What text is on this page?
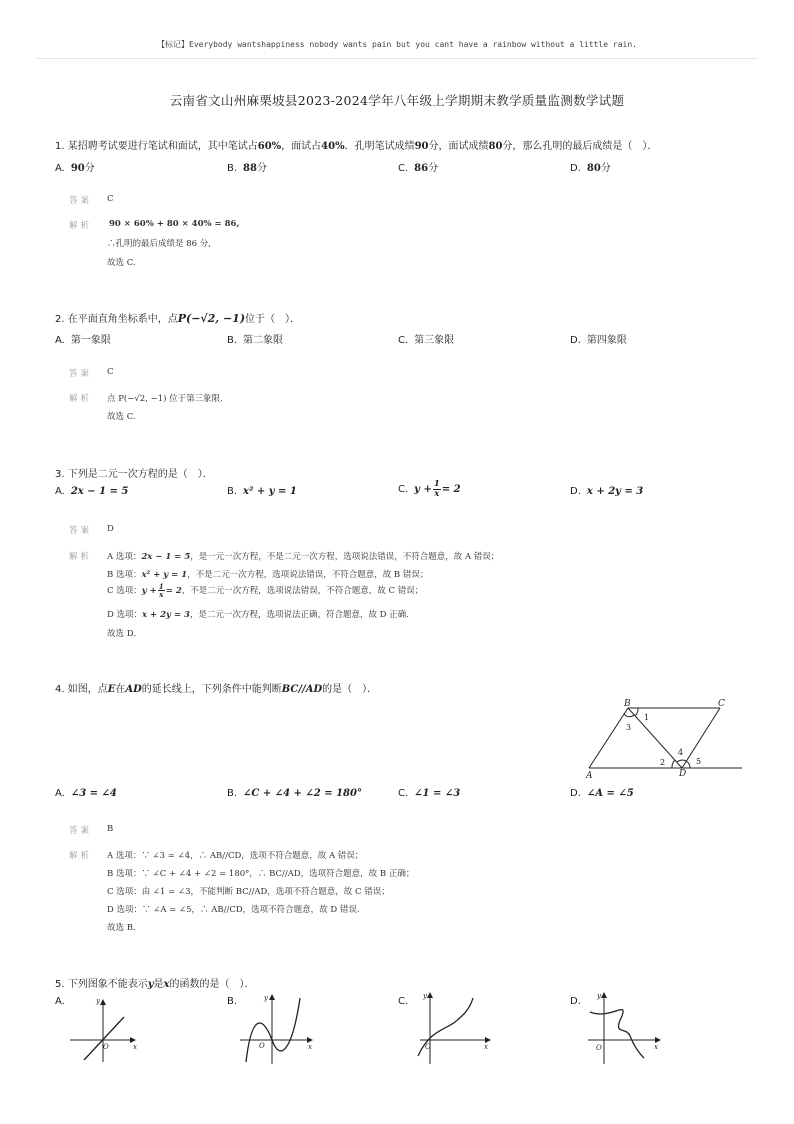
【标记】Everybody wantshappiness nobody wants pain but you cant have a rainbow without a little rain.
云南省文山州麻栗坡县2023-2024学年八年级上学期期末教学质量监测数学试题
1. 某招聘考试要进行笔试和面试，其中笔试占60%，面试占40%．孔明笔试成绩90分，面试成绩80分，那么孔明的最后成绩是（　）．
A. 90分	B. 88分	C. 86分	D. 80分
答案 C
解析 90 × 60% + 80 × 40% = 86,
∴孔明的最后成绩是 86 分,
故选 C.
2. 在平面直角坐标系中，点P(−√2, −1)位于（　）．
A. 第一象限	B. 第二象限	C. 第三象限	D. 第四象限
答案 C
解析 点 P(−√2, −1) 位于第三象限.
故选 C.
3. 下列是二元一次方程的是（　）．
A. 2x − 1 = 5	B. x² + y = 1	C. $y + \frac{1}{x} = 2$	D. x + 2y = 3
答案 D
解析 A 选项：2x − 1 = 5，是一元一次方程，不是二元一次方程，选项说法错误，不符合题意，故 A 错误；
B 选项：x² + y = 1，不是二元一次方程，选项说法错误，不符合题意，故 B 错误；
C 选项：$y + \frac{1}{x} = 2$，不是二元一次方程，选项说法错误，不符合题意，故 C 错误；
D 选项：x + 2y = 3，是二元一次方程，选项说法正确，符合题意，故 D 正确.
故选 D．
4. 如图，点E在AD的延长线上，下列条件中能判断BC//AD的是（　）．
B	C
A	D
1
3
2
4
5
A. ∠3 = ∠4	B. ∠C + ∠4 + ∠2 = 180°	C. ∠1 = ∠3	D. ∠A = ∠5
答案 B
解析 A 选项：∵ ∠3 = ∠4，∴ AB//CD，选项不符合题意，故 A 错误；
B 选项：∵ ∠C + ∠4 + ∠2 = 180°，∴ BC//AD，选项符合题意，故 B 正确；
C 选项：由 ∠1 = ∠3，不能判断 BC//AD，选项不符合题意，故 C 错误；
D 选项：∵ ∠A = ∠5，∴ AB//CD，选项不符合题意，故 D 错误.
故选 B．
5. 下列图象不能表示y是x的函数的是（　）．
A.	B.	C.	D.
y
x
O
y
x
O
y
x
O
y
x
O
